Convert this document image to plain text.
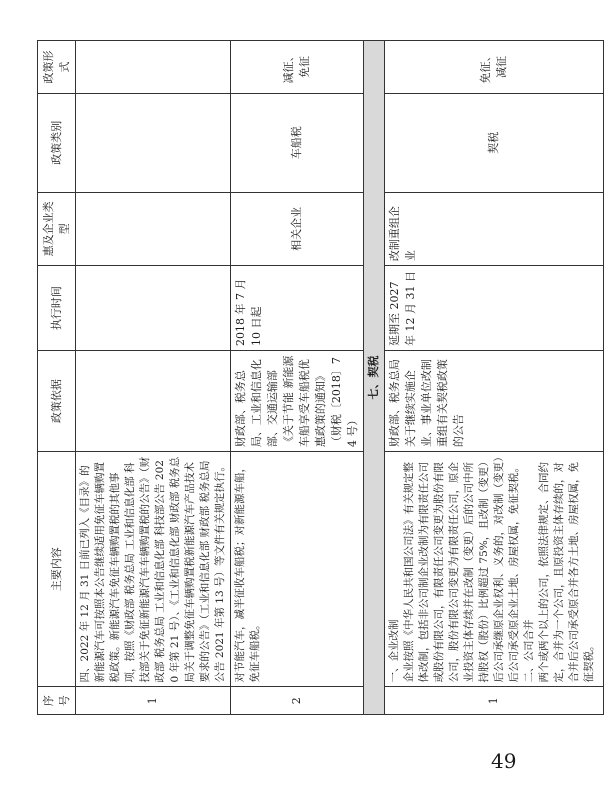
序号	主要内容	政策依据	执行时间	惠及企业类型	政策类别	政策形式
1	四、2022 年 12 月 31 日前已列入《目录》的新能源汽车可按照本公告继续适用免征车辆购置税政策。新能源汽车免征车辆购置税的其他事项，按照《财政部 税务总局 工业和信息化部 科技部关于免征新能源汽车车辆购置税的公告》（财政部 税务总局 工业和信息化部 科技部公告 2020 年第 21 号）、《工业和信息化部 财政部 税务总局关于调整免征车辆购置税新能源汽车产品技术要求的公告》（工业和信息化部 财政部 税务总局公告 2021 年第 13 号）等文件有关规定执行。					
2	对节能汽车，减半征收车船税；对新能源车船，免征车船税。	财政部、税务总局、工业和信息化部、交通运输部《关于节能 新能源车船享受车船税优惠政策的通知》（财税〔2018〕74 号）	2018 年 7 月 10 日起	相关企业	车船税	减征、免征
七、契税						
1	一、企业改制 企业按照《中华人民共和国公司法》有关规定整体改制，包括非公司制企业改制为有限责任公司或股份有限公司，有限责任公司变更为股份有限公司，股份有限公司变更为有限责任公司，原企业投资主体存续并在改制（变更）后的公司中所持股权（股份）比例超过 75%，且改制（变更）后公司承继原企业权利、义务的，对改制（变更）后公司承受原企业土地、房屋权属，免征契税。 二、公司合并 两个或两个以上的公司，依照法律规定、合同约定，合并为一个公司，且原投资主体存续的，对合并后公司承受原合并各方土地、房屋权属，免征契税。	财政部、税务总局关于继续实施企业、事业单位改制重组有关契税政策的公告	延期至 2027 年 12 月 31 日	改制重组企业	契税	免征、减征
49
